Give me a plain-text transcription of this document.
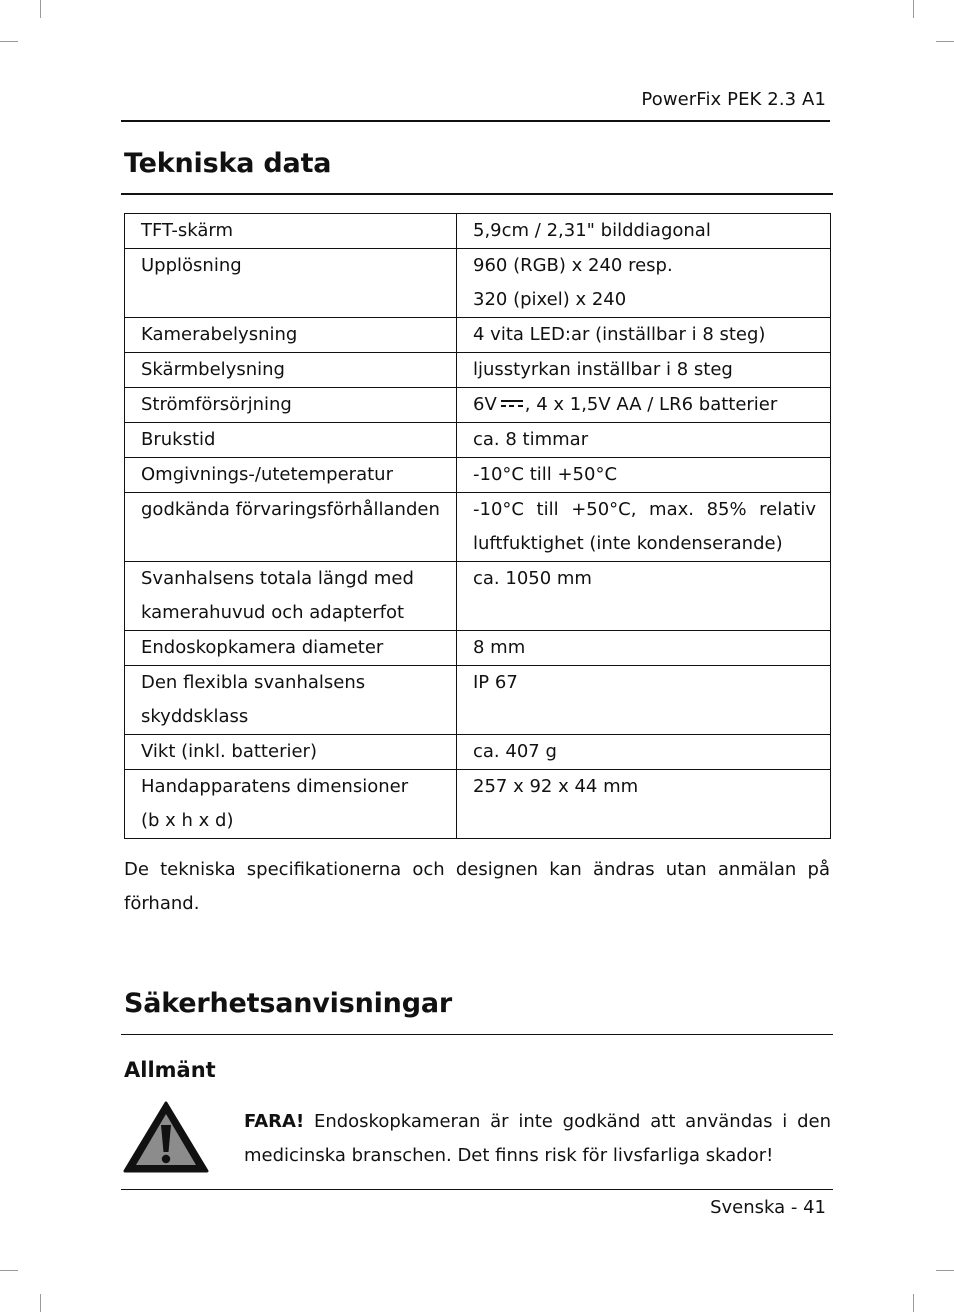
PowerFix PEK 2.3 A1
Tekniska data
TFT-skärm	5,9cm / 2,31" bilddiagonal
Upplösning	960 (RGB) x 240 resp.
320 (pixel) x 240

Kamerabelysning	4 vita LED:ar (inställbar i 8 steg)
Skärmbelysning	ljusstyrkan inställbar i 8 steg
Strömförsörjning	6V , 4 x 1,5V AA / LR6 batterier
Brukstid	ca. 8 timmar
Omgivnings-/utetemperatur	-10°C till +50°C
godkända förvaringsförhållanden	-10°C till +50°C, max. 85% relativ
luftfuktighet (inte kondenserande)

Svanhalsens totala längd med
kamerahuvud och adapterfot	ca. 1050 mm
Endoskopkamera diameter	8 mm

Den flexibla svanhalsens
skyddsklass	IP 67
Vikt (inkl. batterier)	ca. 407 g

Handapparatens dimensioner
(b x h x d)	257 x 92 x 44 mm
De tekniska specifikationerna och designen kan ändras utan anmälan på förhand.
Säkerhetsanvisningar
Allmänt
FARA! Endoskopkameran är inte godkänd att användas i den medicinska branschen. Det finns risk för livsfarliga skador!
Svenska - 41
